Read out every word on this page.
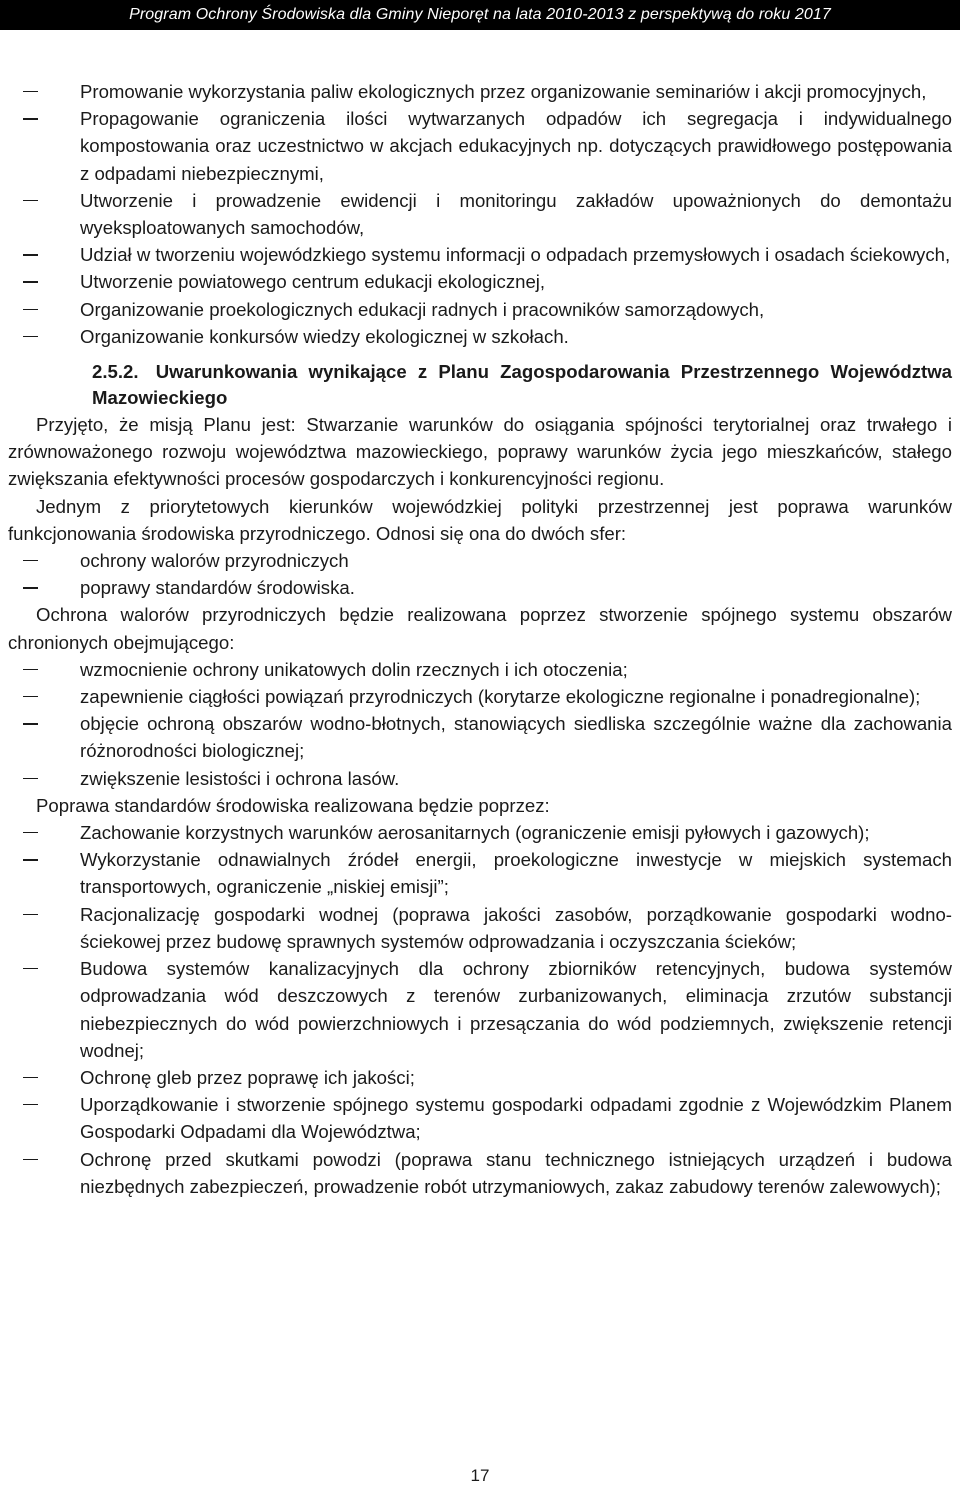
Program Ochrony Środowiska dla Gminy Nieporęt na lata 2010-2013 z perspektywą do roku 2017
Promowanie wykorzystania paliw ekologicznych przez organizowanie seminariów i akcji promocyjnych,
Propagowanie ograniczenia ilości wytwarzanych odpadów ich segregacja i indywidualnego kompostowania oraz uczestnictwo w akcjach edukacyjnych np. dotyczących prawidłowego postępowania z odpadami niebezpiecznymi,
Utworzenie i prowadzenie ewidencji i monitoringu zakładów upoważnionych do demontażu wyeksploatowanych samochodów,
Udział w tworzeniu wojewódzkiego systemu informacji o odpadach przemysłowych i osadach ściekowych,
Utworzenie powiatowego centrum edukacji ekologicznej,
Organizowanie proekologicznych edukacji radnych i pracowników samorządowych,
Organizowanie konkursów wiedzy ekologicznej w szkołach.
2.5.2. Uwarunkowania wynikające z Planu Zagospodarowania Przestrzennego Województwa Mazowieckiego

Przyjęto, że misją Planu jest: Stwarzanie warunków do osiągania spójności terytorialnej oraz trwałego i zrównoważonego rozwoju województwa mazowieckiego, poprawy warunków życia jego mieszkańców, stałego zwiększania efektywności procesów gospodarczych i konkurencyjności regionu.

Jednym z priorytetowych kierunków wojewódzkiej polityki przestrzennej jest poprawa warunków funkcjonowania środowiska przyrodniczego. Odnosi się ona do dwóch sfer:

ochrony walorów przyrodniczych
poprawy standardów środowiska.

Ochrona walorów przyrodniczych będzie realizowana poprzez stworzenie spójnego systemu obszarów chronionych obejmującego:

wzmocnienie ochrony unikatowych dolin rzecznych i ich otoczenia;
zapewnienie ciągłości powiązań przyrodniczych (korytarze ekologiczne regionalne i ponadregionalne);
objęcie ochroną obszarów wodno-błotnych, stanowiących siedliska szczególnie ważne dla zachowania różnorodności biologicznej;
zwiększenie lesistości i ochrona lasów.

Poprawa standardów środowiska realizowana będzie poprzez:

Zachowanie korzystnych warunków aerosanitarnych (ograniczenie emisji pyłowych i gazowych);
Wykorzystanie odnawialnych źródeł energii, proekologiczne inwestycje w miejskich systemach transportowych, ograniczenie „niskiej emisji”;
Racjonalizację gospodarki wodnej (poprawa jakości zasobów, porządkowanie gospodarki wodno-ściekowej przez budowę sprawnych systemów odprowadzania i oczyszczania ścieków;
Budowa systemów kanalizacyjnych dla ochrony zbiorników retencyjnych, budowa systemów odprowadzania wód deszczowych z terenów zurbanizowanych, eliminacja zrzutów substancji niebezpiecznych do wód powierzchniowych i przesączania do wód podziemnych, zwiększenie retencji wodnej;
Ochronę gleb przez poprawę ich jakości;
Uporządkowanie i stworzenie spójnego systemu gospodarki odpadami zgodnie z Wojewódzkim Planem Gospodarki Odpadami dla Województwa;
Ochronę przed skutkami powodzi (poprawa stanu technicznego istniejących urządzeń i budowa niezbędnych zabezpieczeń, prowadzenie robót utrzymaniowych, zakaz zabudowy terenów zalewowych);
17
